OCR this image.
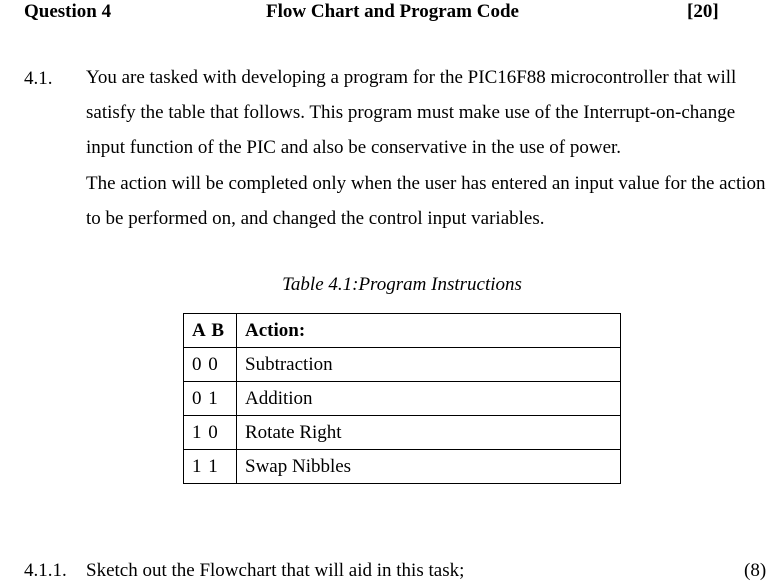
Question 4	Flow Chart and Program Code	[20]
4.1. You are tasked with developing a program for the PIC16F88 microcontroller that will satisfy the table that follows. This program must make use of the Interrupt-on-change input function of the PIC and also be conservative in the use of power.

The action will be completed only when the user has entered an input value for the action to be performed on, and changed the control input variables.

Table 4.1:Program Instructions
A B	Action:
0 0	Subtraction
0 1	Addition
1 0	Rotate Right
1 1	Swap Nibbles
4.1.1. Sketch out the Flowchart that will aid in this task;	(8)
